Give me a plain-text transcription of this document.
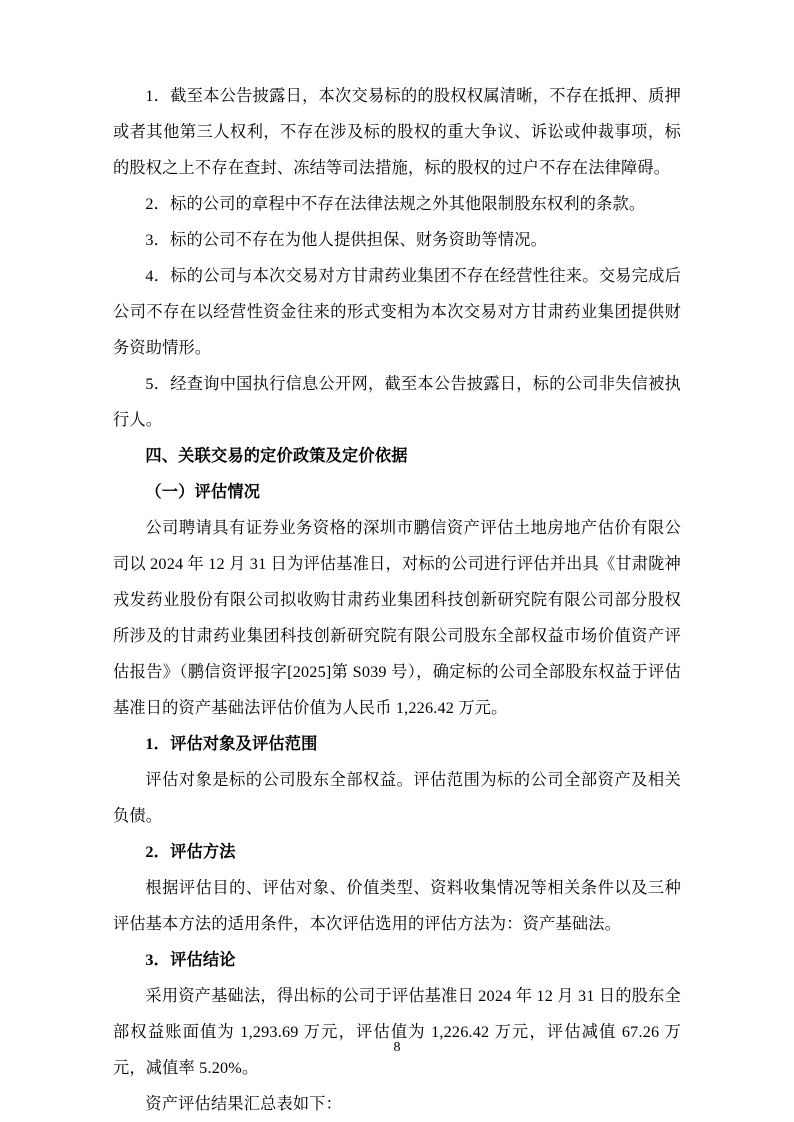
1．截至本公告披露日，本次交易标的的股权权属清晰，不存在抵押、质押或者其他第三人权利，不存在涉及标的股权的重大争议、诉讼或仲裁事项，标的股权之上不存在查封、冻结等司法措施，标的股权的过户不存在法律障碍。

2．标的公司的章程中不存在法律法规之外其他限制股东权利的条款。

3．标的公司不存在为他人提供担保、财务资助等情况。

4．标的公司与本次交易对方甘肃药业集团不存在经营性往来。交易完成后公司不存在以经营性资金往来的形式变相为本次交易对方甘肃药业集团提供财务资助情形。

5．经查询中国执行信息公开网，截至本公告披露日，标的公司非失信被执行人。

四、关联交易的定价政策及定价依据

（一）评估情况

公司聘请具有证券业务资格的深圳市鹏信资产评估土地房地产估价有限公司以 2024 年 12 月 31 日为评估基准日，对标的公司进行评估并出具《甘肃陇神戎发药业股份有限公司拟收购甘肃药业集团科技创新研究院有限公司部分股权所涉及的甘肃药业集团科技创新研究院有限公司股东全部权益市场价值资产评估报告》（鹏信资评报字[2025]第 S039 号），确定标的公司全部股东权益于评估基准日的资产基础法评估价值为人民币 1,226.42 万元。

1．评估对象及评估范围

评估对象是标的公司股东全部权益。评估范围为标的公司全部资产及相关负债。

2．评估方法

根据评估目的、评估对象、价值类型、资料收集情况等相关条件以及三种评估基本方法的适用条件，本次评估选用的评估方法为：资产基础法。

3．评估结论

采用资产基础法，得出标的公司于评估基准日 2024 年 12 月 31 日的股东全部权益账面值为 1,293.69 万元，评估值为 1,226.42 万元，评估减值 67.26 万元，减值率 5.20%。

资产评估结果汇总表如下：

8
